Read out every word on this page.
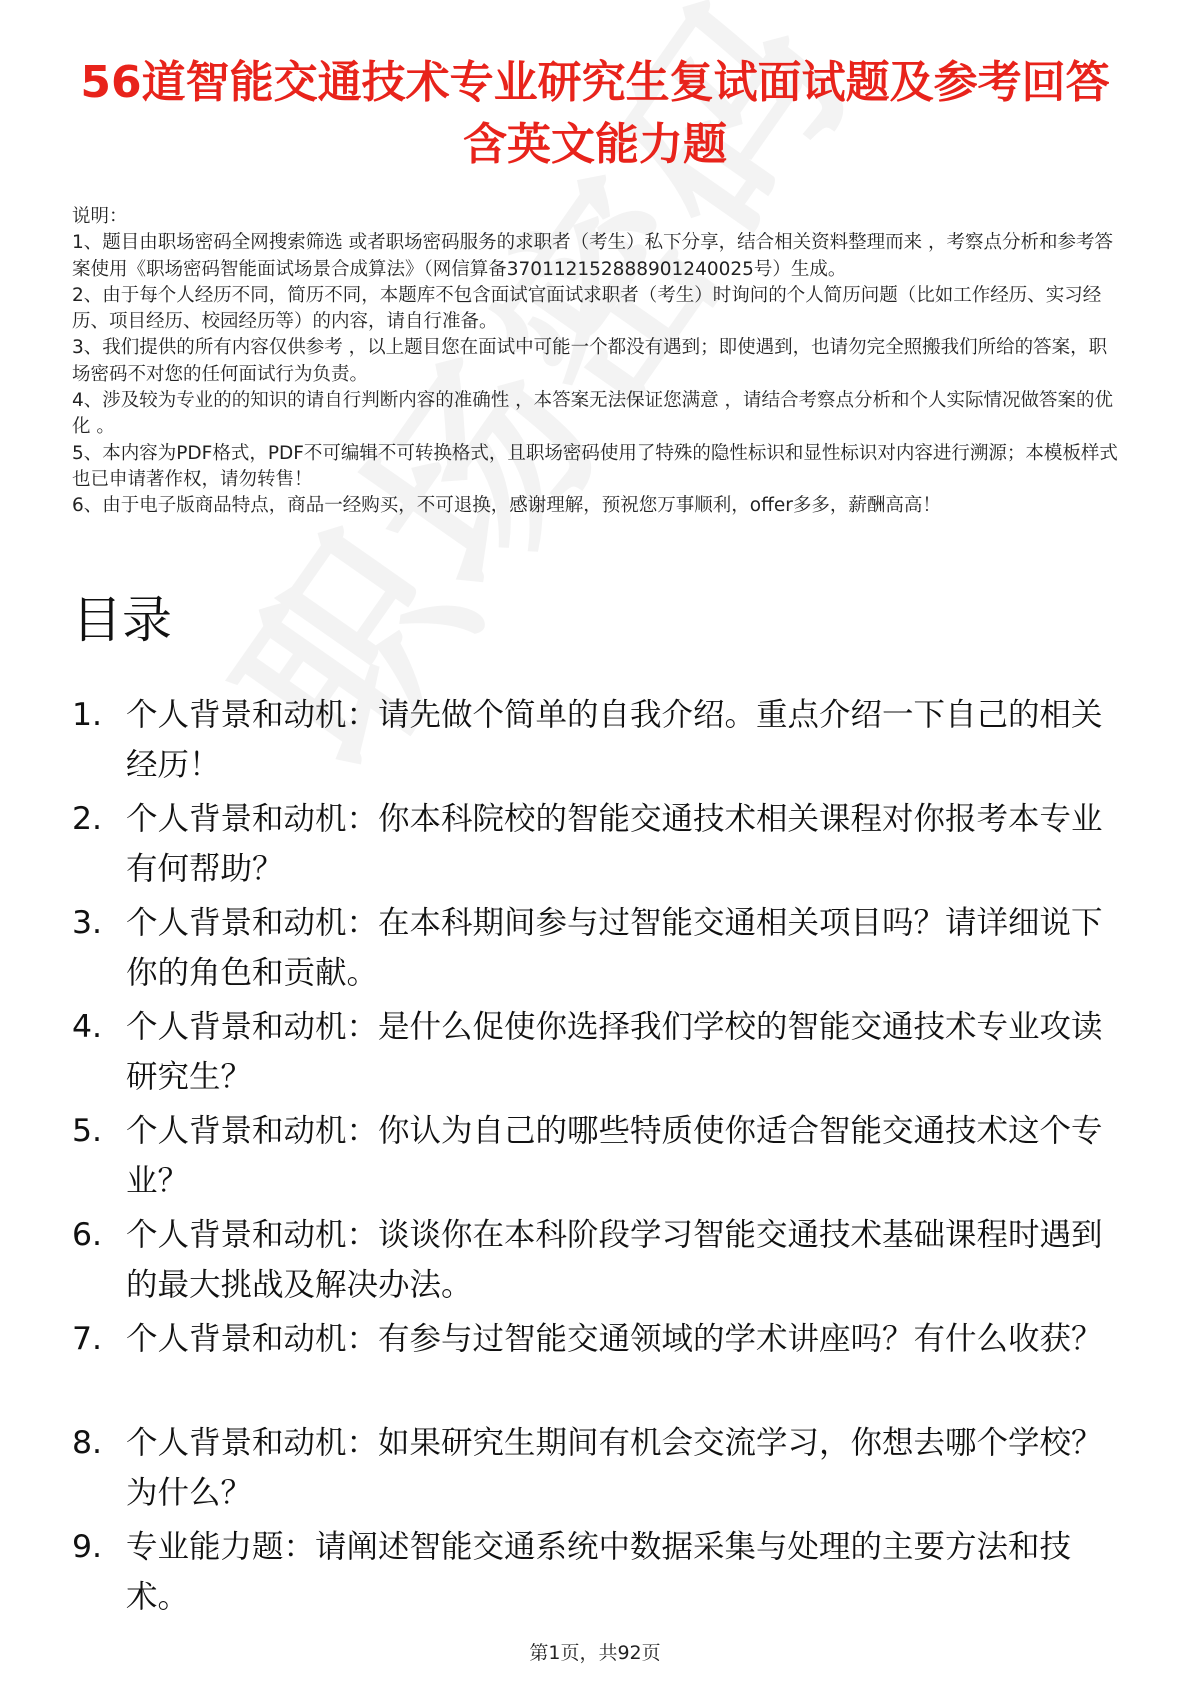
56道智能交通技术专业研究生复试面试题及参考回答含英文能力题

说明：

1、题目由职场密码全网搜索筛选 或者职场密码服务的求职者（考生）私下分享，结合相关资料整理而来 ，考察点分析和参考答案使用《职场密码智能面试场景合成算法》（网信算备370112152888901240025号）生成。

2、由于每个人经历不同，简历不同，本题库不包含面试官面试求职者（考生）时询问的个人简历问题（比如工作经历、实习经历、项目经历、校园经历等）的内容，请自行准备。

3、我们提供的所有内容仅供参考 ，以上题目您在面试中可能一个都没有遇到；即使遇到，也请勿完全照搬我们所给的答案，职场密码不对您的任何面试行为负责。

4、涉及较为专业的的知识的请自行判断内容的准确性 ，本答案无法保证您满意 ，请结合考察点分析和个人实际情况做答案的优化 。

5、本内容为PDF格式，PDF不可编辑不可转换格式，且职场密码使用了特殊的隐性标识和显性标识对内容进行溯源；本模板样式也已申请著作权，请勿转售！

6、由于电子版商品特点，商品一经购买，不可退换，感谢理解，预祝您万事顺利，offer多多，薪酬高高！

目录
1. 个人背景和动机：请先做个简单的自我介绍。重点介绍一下自己的相关经历！
2. 个人背景和动机：你本科院校的智能交通技术相关课程对你报考本专业有何帮助？
3. 个人背景和动机：在本科期间参与过智能交通相关项目吗？请详细说下你的角色和贡献。
4. 个人背景和动机：是什么促使你选择我们学校的智能交通技术专业攻读研究生？
5. 个人背景和动机：你认为自己的哪些特质使你适合智能交通技术这个专业？
6. 个人背景和动机：谈谈你在本科阶段学习智能交通技术基础课程时遇到的最大挑战及解决办法。
7. 个人背景和动机：有参与过智能交通领域的学术讲座吗？有什么收获？
8. 个人背景和动机：如果研究生期间有机会交流学习，你想去哪个学校？为什么？
9. 专业能力题：请阐述智能交通系统中数据采集与处理的主要方法和技术。
第1页，共92页
